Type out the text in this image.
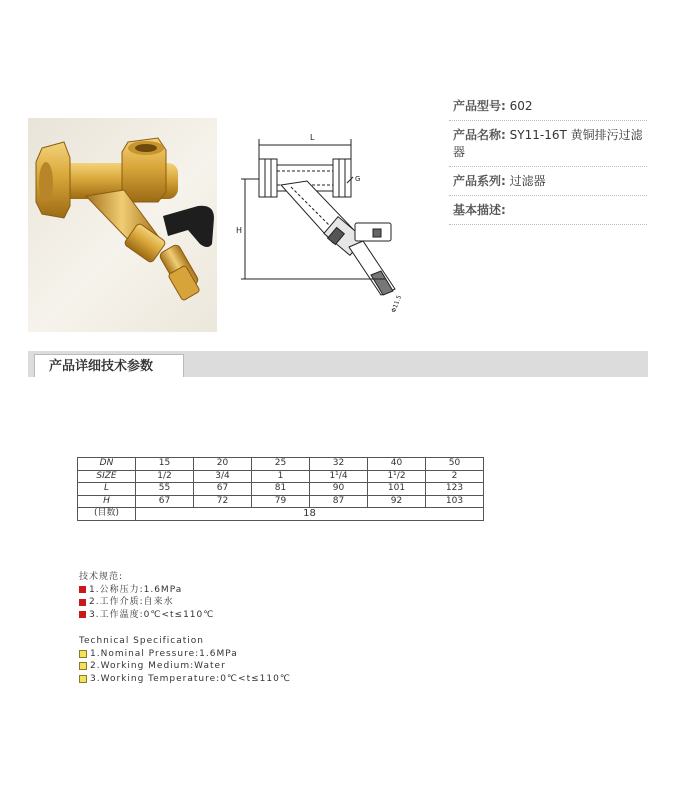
L
G
H
Φ11.5
产品型号: 602
产品名称: SY11-16T 黄铜排污过滤器
产品系列: 过滤器
基本描述:
产品详细技术参数
DN	15	20	25	32	40	50
SIZE	1/2	3/4	1	1¹/4	1¹/2	2
L	55	67	81	90	101	123
H	67	72	79	87	92	103
(目数)	18					
技术规范:
1.公称压力:1.6MPa
2.工作介质:自来水
3.工作温度:0℃<t≤110℃
Technical Specification
1.Nominal Pressure:1.6MPa
2.Working Medium:Water
3.Working Temperature:0℃<t≤110℃
